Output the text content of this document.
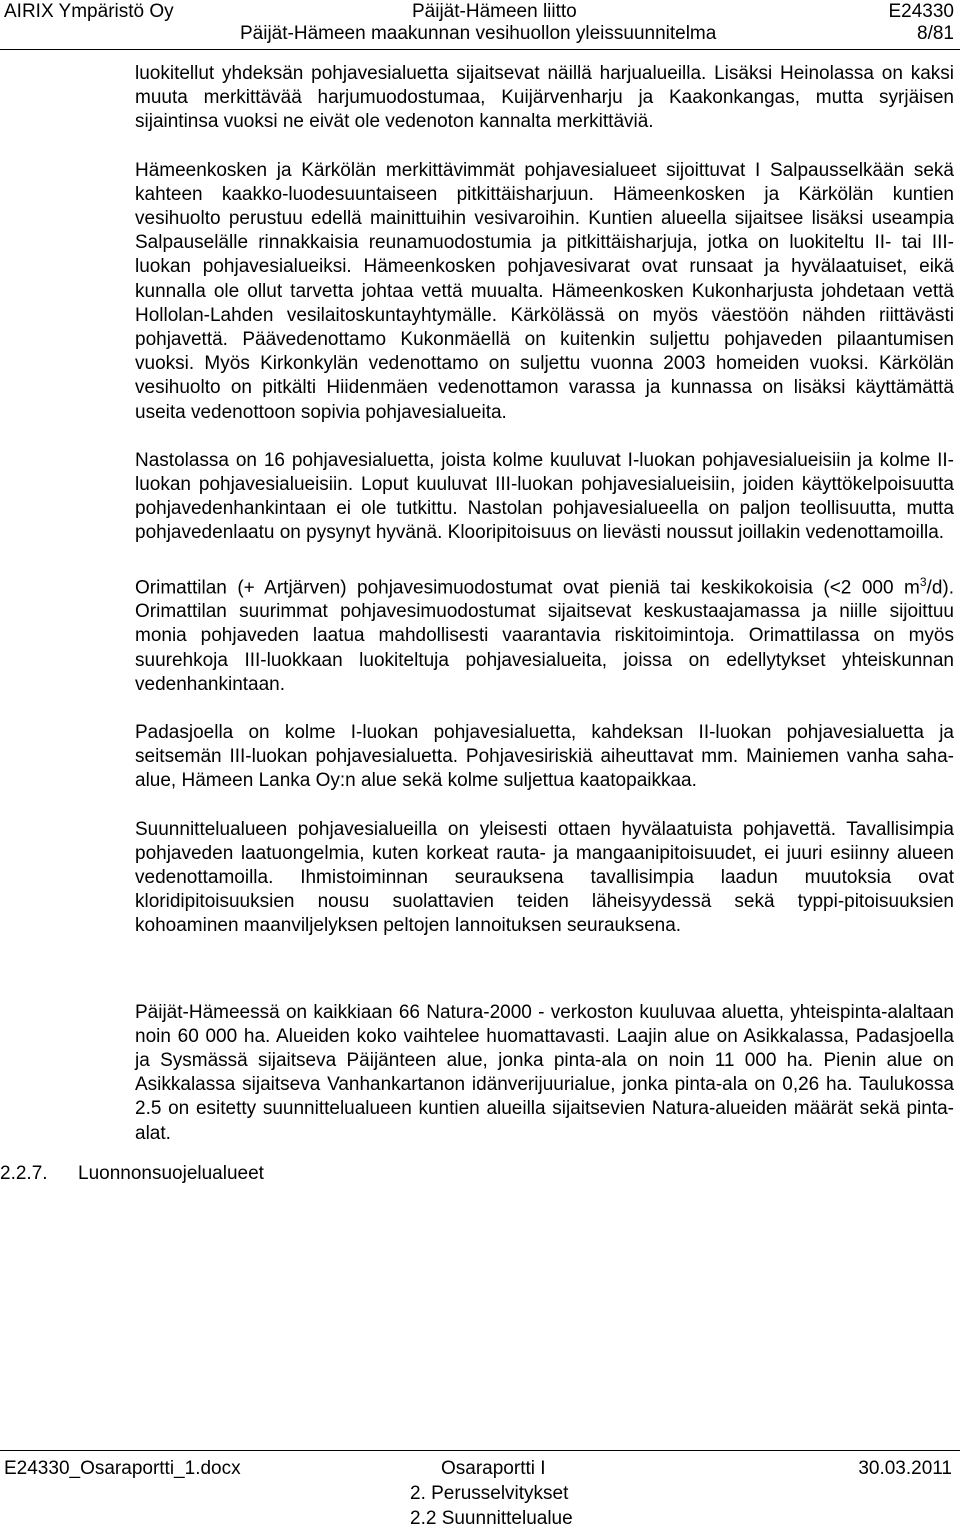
AIRIX Ympäristö Oy	Päijät-Hämeen liitto
Päijät-Hämeen maakunnan vesihuollon yleissuunnitelma
E24330
8/81

luokitellut yhdeksän pohjavesialuetta sijaitsevat näillä harjualueilla. Lisäksi Heinolassa on kaksi muuta merkittävää harjumuodostumaa, Kuijärvenharju ja Kaakonkangas, mutta syrjäisen sijaintinsa vuoksi ne eivät ole vedenoton kannalta merkittäviä.

Hämeenkosken ja Kärkölän merkittävimmät pohjavesialueet sijoittuvat I Salpausselkään sekä kahteen kaakko-luodesuuntaiseen pitkittäisharjuun. Hämeenkosken ja Kärkölän kuntien vesihuolto perustuu edellä mainittuihin vesivaroihin. Kuntien alueella sijaitsee lisäksi useampia Salpauselälle rinnakkaisia reunamuodostumia ja pitkittäisharjuja, jotka on luokiteltu II- tai III-luokan pohjavesialueiksi. Hämeenkosken pohjavesivarat ovat runsaat ja hyvälaatuiset, eikä kunnalla ole ollut tarvetta johtaa vettä muualta. Hämeenkosken Kukonharjusta johdetaan vettä Hollolan-Lahden vesilaitoskuntayhtymälle. Kärkölässä on myös väestöön nähden riittävästi pohjavettä. Päävedenottamo Kukonmäellä on kuitenkin suljettu pohjaveden pilaantumisen vuoksi. Myös Kirkonkylän vedenottamo on suljettu vuonna 2003 homeiden vuoksi. Kärkölän vesihuolto on pitkälti Hiidenmäen vedenottamon varassa ja kunnassa on lisäksi käyttämättä useita vedenottoon sopivia pohjavesialueita.

Nastolassa on 16 pohjavesialuetta, joista kolme kuuluvat I-luokan pohjavesialueisiin ja kolme II-luokan pohjavesialueisiin. Loput kuuluvat III-luokan pohjavesialueisiin, joiden käyttökelpoisuutta pohjavedenhankintaan ei ole tutkittu. Nastolan pohjavesialueella on paljon teollisuutta, mutta pohjavedenlaatu on pysynyt hyvänä. Klooripitoisuus on lievästi noussut joillakin vedenottamoilla.

Orimattilan (+ Artjärven) pohjavesimuodostumat ovat pieniä tai keskikokoisia (<2 000 $m^3/d$). Orimattilan suurimmat pohjavesimuodostumat sijaitsevat keskustaajamassa ja niille sijoittuu monia pohjaveden laatua mahdollisesti vaarantavia riskitoimintoja. Orimattilassa on myös suurehkoja III-luokkaan luokiteltuja pohjavesialueita, joissa on edellytykset yhteiskunnan vedenhankintaan.

Padasjoella on kolme I-luokan pohjavesialuetta, kahdeksan II-luokan pohjavesialuetta ja seitsemän III-luokan pohjavesialuetta. Pohjavesiriskiä aiheuttavat mm. Mainiemen vanha saha-alue, Hämeen Lanka Oy:n alue sekä kolme suljettua kaatopaikkaa.

Suunnittelualueen pohjavesialueilla on yleisesti ottaen hyvälaatuista pohjavettä. Tavallisimpia pohjaveden laatuongelmia, kuten korkeat rauta- ja mangaanipitoisuudet, ei juuri esiinny alueen vedenottamoilla. Ihmistoiminnan seurauksena tavallisimpia laadun muutoksia ovat kloridipitoisuuksien nousu suolattavien teiden läheisyydessä sekä typpi-pitoisuuksien kohoaminen maanviljelyksen peltojen lannoituksen seurauksena.

Päijät-Hämeessä on kaikkiaan 66 Natura-2000 - verkoston kuuluvaa aluetta, yhteispinta-alaltaan noin 60 000 ha. Alueiden koko vaihtelee huomattavasti. Laajin alue on Asikkalassa, Padasjoella ja Sysmässä sijaitseva Päijänteen alue, jonka pinta-ala on noin 11 000 ha. Pienin alue on Asikkalassa sijaitseva Vanhankartanon idänverijuurialue, jonka pinta-ala on 0,26 ha. Taulukossa 2.5 on esitetty suunnittelualueen kuntien alueilla sijaitsevien Natura-alueiden määrät sekä pinta-alat.

2.2.7. Luonnonsuojelualueet
E24330_Osaraportti_1.docx	Osaraportti I
2. Perusselvitykset
2.2 Suunnittelualue
30.03.2011
